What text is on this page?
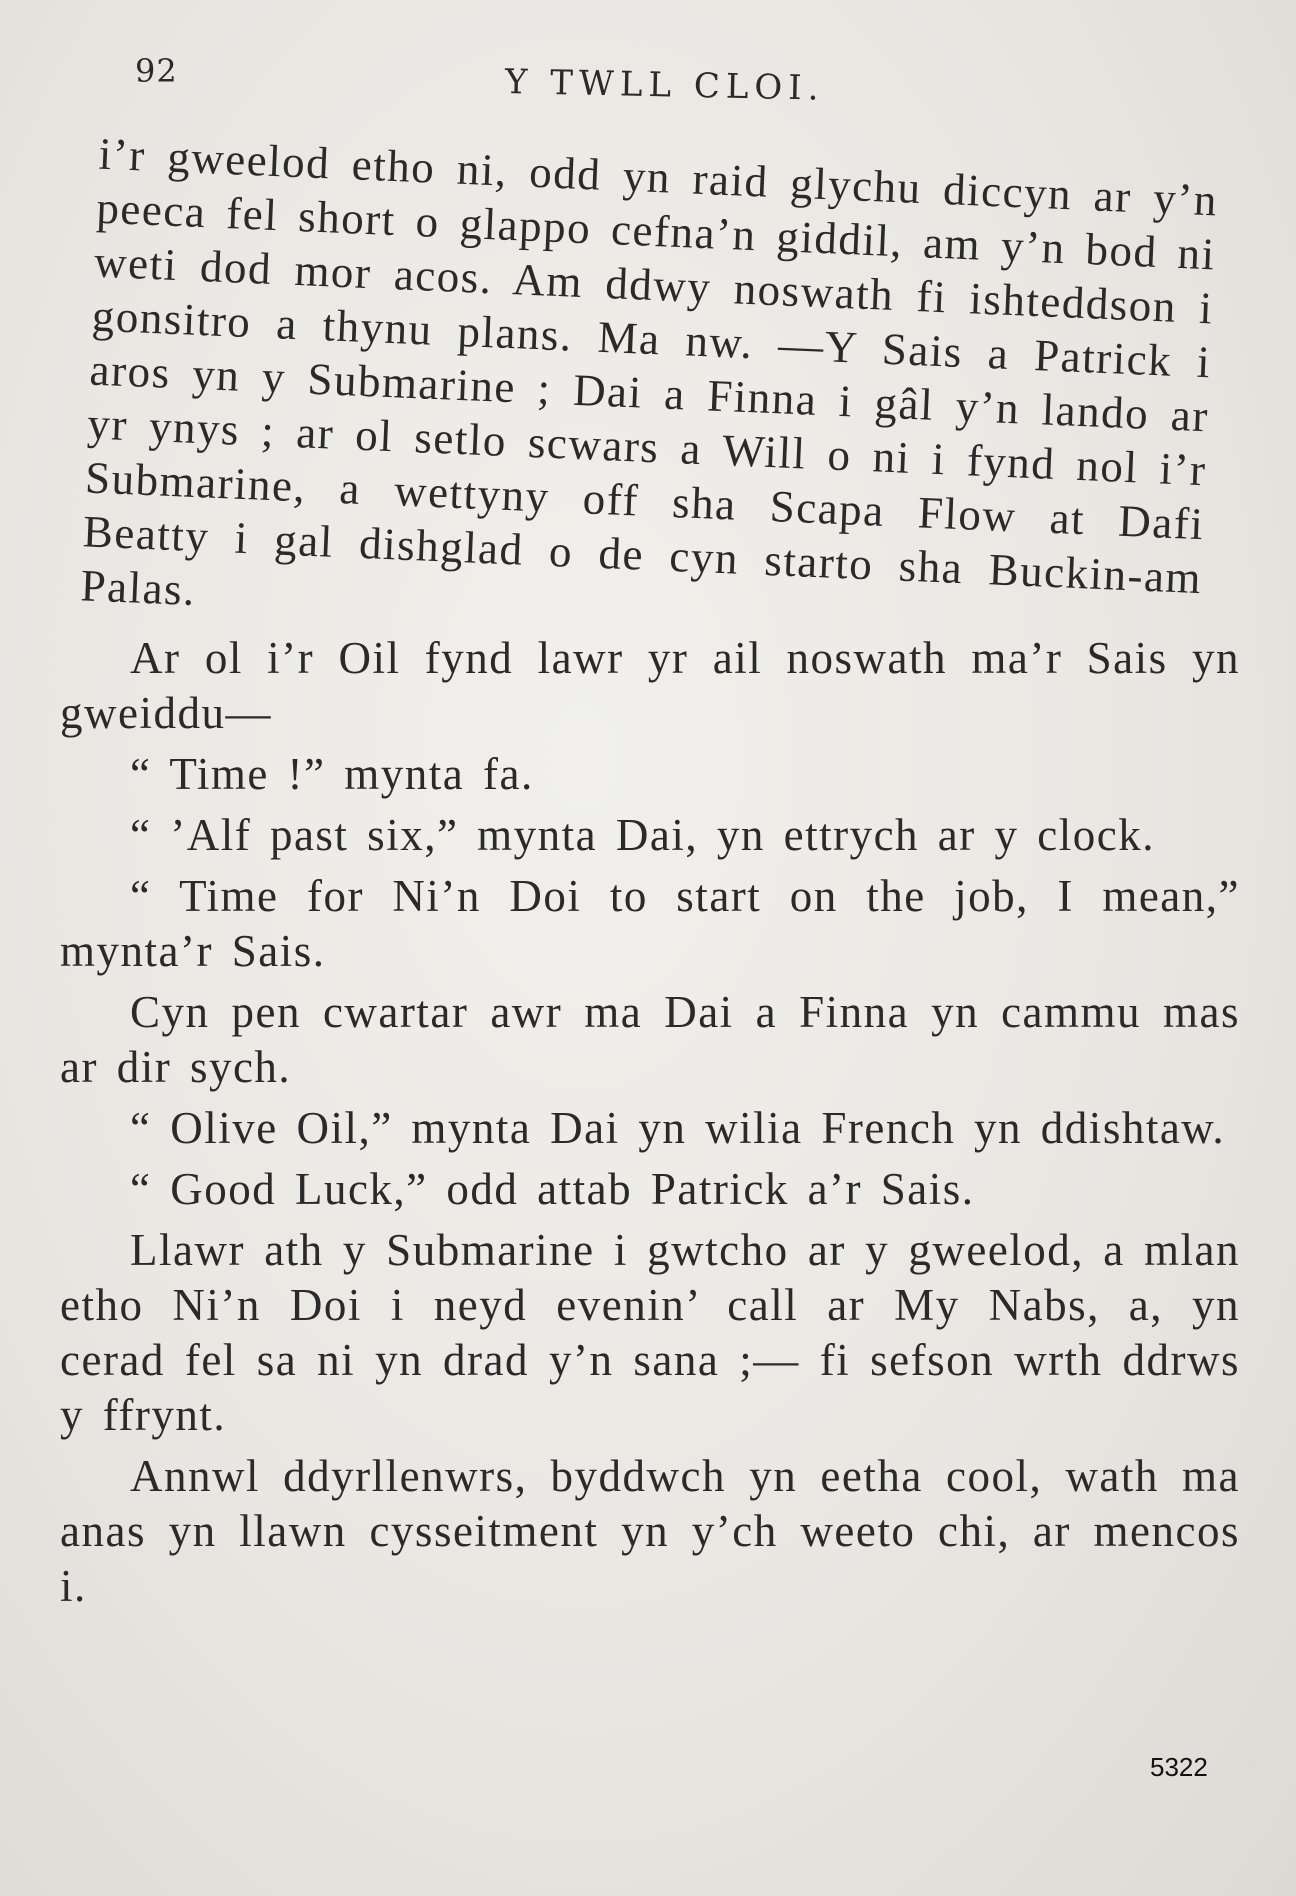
92	Y TWLL CLOI.

i’r gweelod etho ni, odd yn raid glychu diccyn ar y’n peeca fel short o glappo cefna’n giddil, am y’n bod ni weti dod mor acos. Am ddwy noswath fi ishteddson i gonsitro a thynu plans. Ma nw. —Y Sais a Patrick i aros yn y Submarine ; Dai a Finna i gâl y’n lando ar yr ynys ; ar ol setlo scwars a Will o ni i fynd nol i’r Submarine, a wettyny off sha Scapa Flow at Dafi Beatty i gal dishglad o de cyn starto sha Buckin-am Palas.

Ar ol i’r Oil fynd lawr yr ail noswath ma’r Sais yn gweiddu—

“ Time !” mynta fa.

“ ’Alf past six,” mynta Dai, yn ettrych ar y clock.

“ Time for Ni’n Doi to start on the job, I mean,” mynta’r Sais.

Cyn pen cwartar awr ma Dai a Finna yn cammu mas ar dir sych.

“ Olive Oil,” mynta Dai yn wilia French yn ddishtaw.

“ Good Luck,” odd attab Patrick a’r Sais.

Llawr ath y Submarine i gwtcho ar y gweelod, a mlan etho Ni’n Doi i neyd evenin’ call ar My Nabs, a, yn cerad fel sa ni yn drad y’n sana ;— fi sefson wrth ddrws y ffrynt.

Annwl ddyrllenwrs, byddwch yn eetha cool, wath ma anas yn llawn cysseitment yn y’ch weeto chi, ar mencos i.

5322
